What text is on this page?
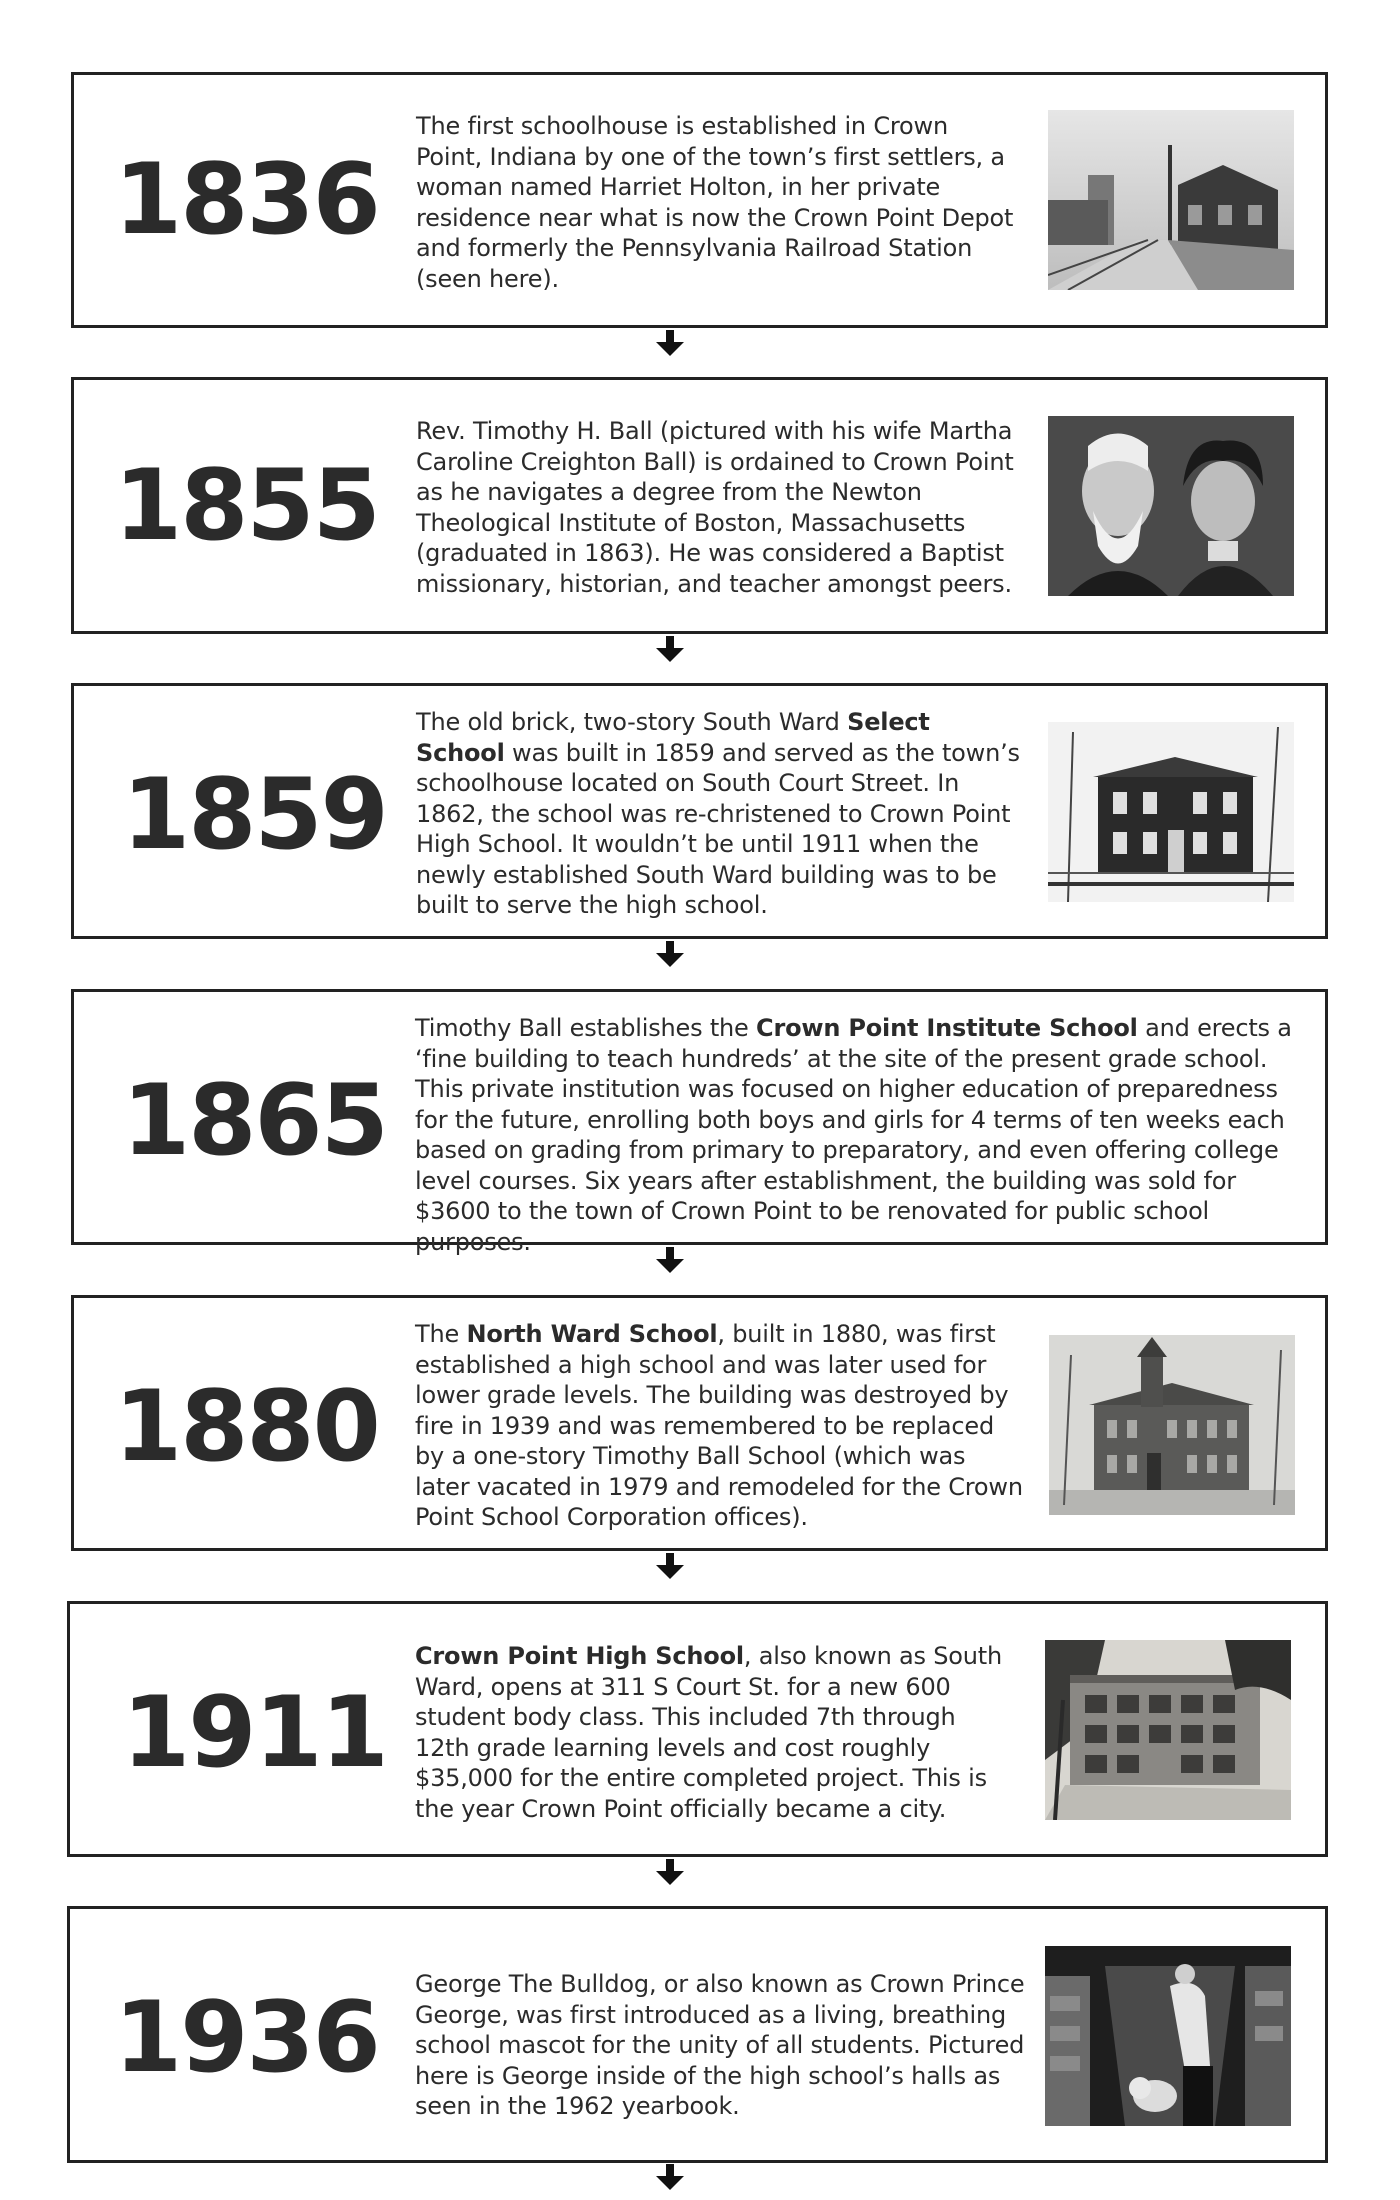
1836
The first schoolhouse is established in Crown Point, Indiana by one of the town’s first settlers, a woman named Harriet Holton, in her private residence near what is now the Crown Point Depot and formerly the Pennsylvania Railroad Station (seen here).
1855
Rev. Timothy H. Ball (pictured with his wife Martha Caroline Creighton Ball) is ordained to Crown Point as he navigates a degree from the Newton Theological Institute of Boston, Massachusetts (graduated in 1863). He was considered a Baptist missionary, historian, and teacher amongst peers.
1859
The old brick, two-story South Ward Select School was built in 1859 and served as the town’s schoolhouse located on South Court Street. In 1862, the school was re-christened to Crown Point High School. It wouldn’t be until 1911 when the newly established South Ward building was to be built to serve the high school.
1865
Timothy Ball establishes the Crown Point Institute School and erects a ‘fine building to teach hundreds’ at the site of the present grade school. This private institution was focused on higher education of preparedness for the future, enrolling both boys and girls for 4 terms of ten weeks each based on grading from primary to preparatory, and even offering college level courses. Six years after establishment, the building was sold for $3600 to the town of Crown Point to be renovated for public school purposes.
1880
The North Ward School, built in 1880, was first established a high school and was later used for lower grade levels. The building was destroyed by fire in 1939 and was remembered to be replaced by a one-story Timothy Ball School (which was later vacated in 1979 and remodeled for the Crown Point School Corporation offices).
1911
Crown Point High School, also known as South Ward, opens at 311 S Court St. for a new 600 student body class. This included 7th through 12th grade learning levels and cost roughly $35,000 for the entire completed project. This is the year Crown Point officially became a city.
1936 George The Bulldog, or also known as Crown Prince George, was first introduced as a living, breathing school mascot for the unity of all students. Pictured here is George inside of the high school’s halls as seen in the 1962 yearbook.
